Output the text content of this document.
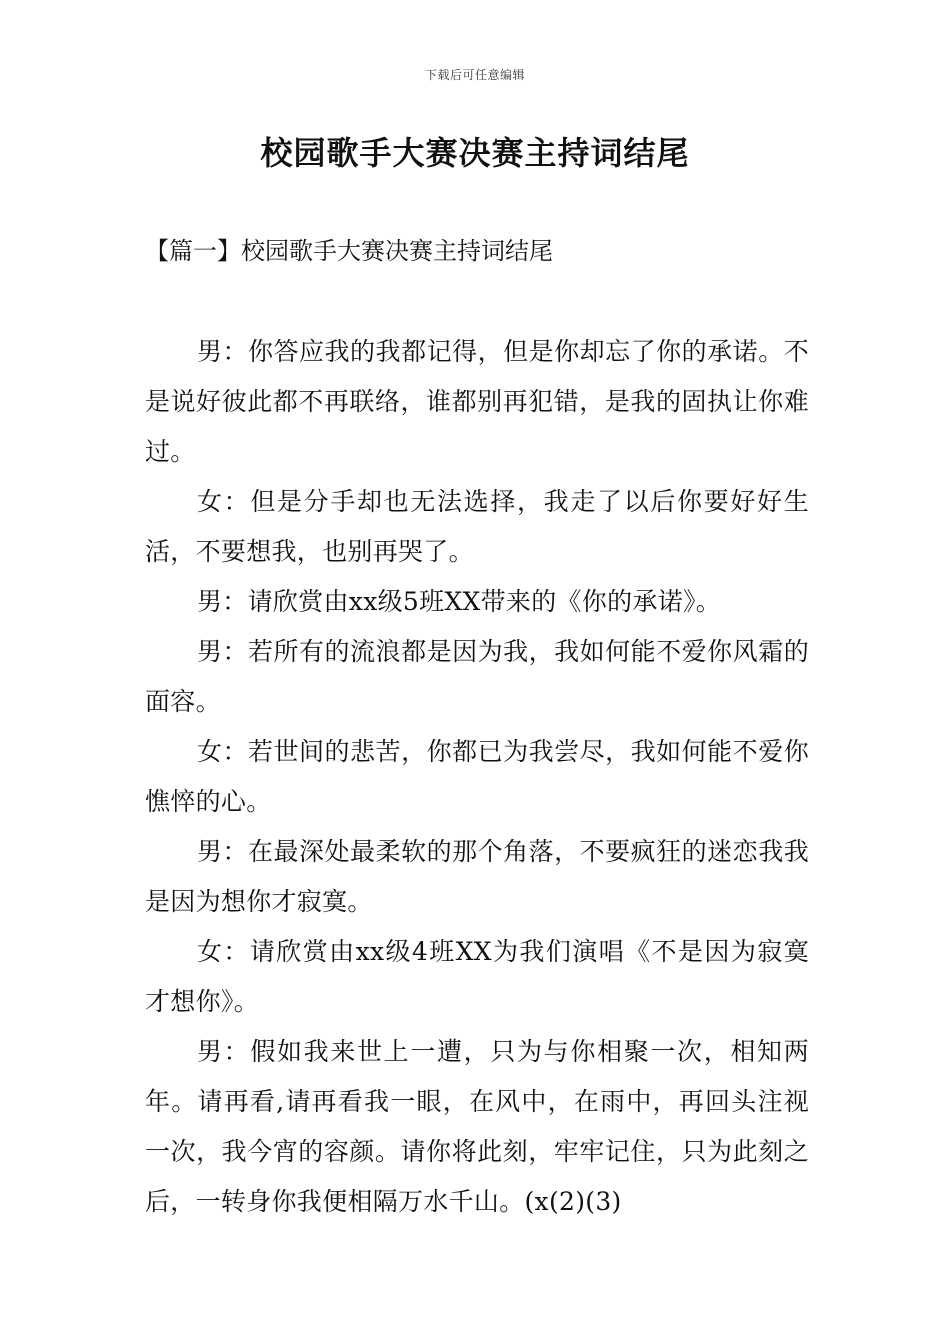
下载后可任意编辑
校园歌手大赛决赛主持词结尾
【篇一】校园歌手大赛决赛主持词结尾

男：你答应我的我都记得，但是你却忘了你的承诺。不是说好彼此都不再联络，谁都别再犯错，是我的固执让你难过。

女：但是分手却也无法选择，我走了以后你要好好生活，不要想我，也别再哭了。

男：请欣赏由xx级5班XX带来的《你的承诺》。

男：若所有的流浪都是因为我，我如何能不爱你风霜的面容。

女：若世间的悲苦，你都已为我尝尽，我如何能不爱你憔悴的心。

男：在最深处最柔软的那个角落，不要疯狂的迷恋我我是因为想你才寂寞。

女：请欣赏由xx级4班XX为我们演唱《不是因为寂寞才想你》。

男：假如我来世上一遭，只为与你相聚一次，相知两年。请再看,请再看我一眼，在风中，在雨中，再回头注视一次，我今宵的容颜。请你将此刻，牢牢记住，只为此刻之后，一转身你我便相隔万水千山。(x(2)(3)
